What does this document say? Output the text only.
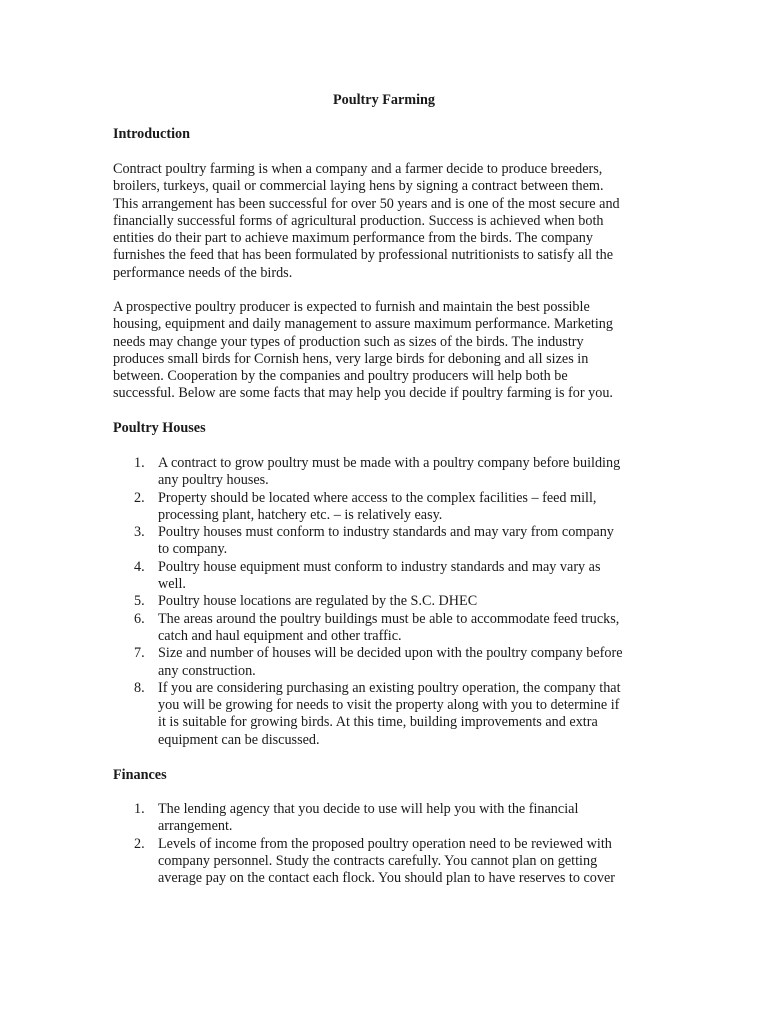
Poultry Farming
Introduction
Contract poultry farming is when a company and a farmer decide to produce breeders,
broilers, turkeys, quail or commercial laying hens by signing a contract between them.
This arrangement has been successful for over 50 years and is one of the most secure and
financially successful forms of agricultural production. Success is achieved when both
entities do their part to achieve maximum performance from the birds. The company
furnishes the feed that has been formulated by professional nutritionists to satisfy all the
performance needs of the birds.
A prospective poultry producer is expected to furnish and maintain the best possible
housing, equipment and daily management to assure maximum performance. Marketing
needs may change your types of production such as sizes of the birds. The industry
produces small birds for Cornish hens, very large birds for deboning and all sizes in
between. Cooperation by the companies and poultry producers will help both be
successful. Below are some facts that may help you decide if poultry farming is for you.
Poultry Houses
1. A contract to grow poultry must be made with a poultry company before building
any poultry houses.
2. Property should be located where access to the complex facilities – feed mill,
processing plant, hatchery etc. – is relatively easy.
3. Poultry houses must conform to industry standards and may vary from company
to company.
4. Poultry house equipment must conform to industry standards and may vary as
well.
5. Poultry house locations are regulated by the S.C. DHEC
6. The areas around the poultry buildings must be able to accommodate feed trucks,
catch and haul equipment and other traffic.
7. Size and number of houses will be decided upon with the poultry company before
any construction.
8. If you are considering purchasing an existing poultry operation, the company that
you will be growing for needs to visit the property along with you to determine if
it is suitable for growing birds. At this time, building improvements and extra
equipment can be discussed.
Finances
1. The lending agency that you decide to use will help you with the financial
arrangement.
2. Levels of income from the proposed poultry operation need to be reviewed with
company personnel. Study the contracts carefully. You cannot plan on getting
average pay on the contact each flock. You should plan to have reserves to cover
